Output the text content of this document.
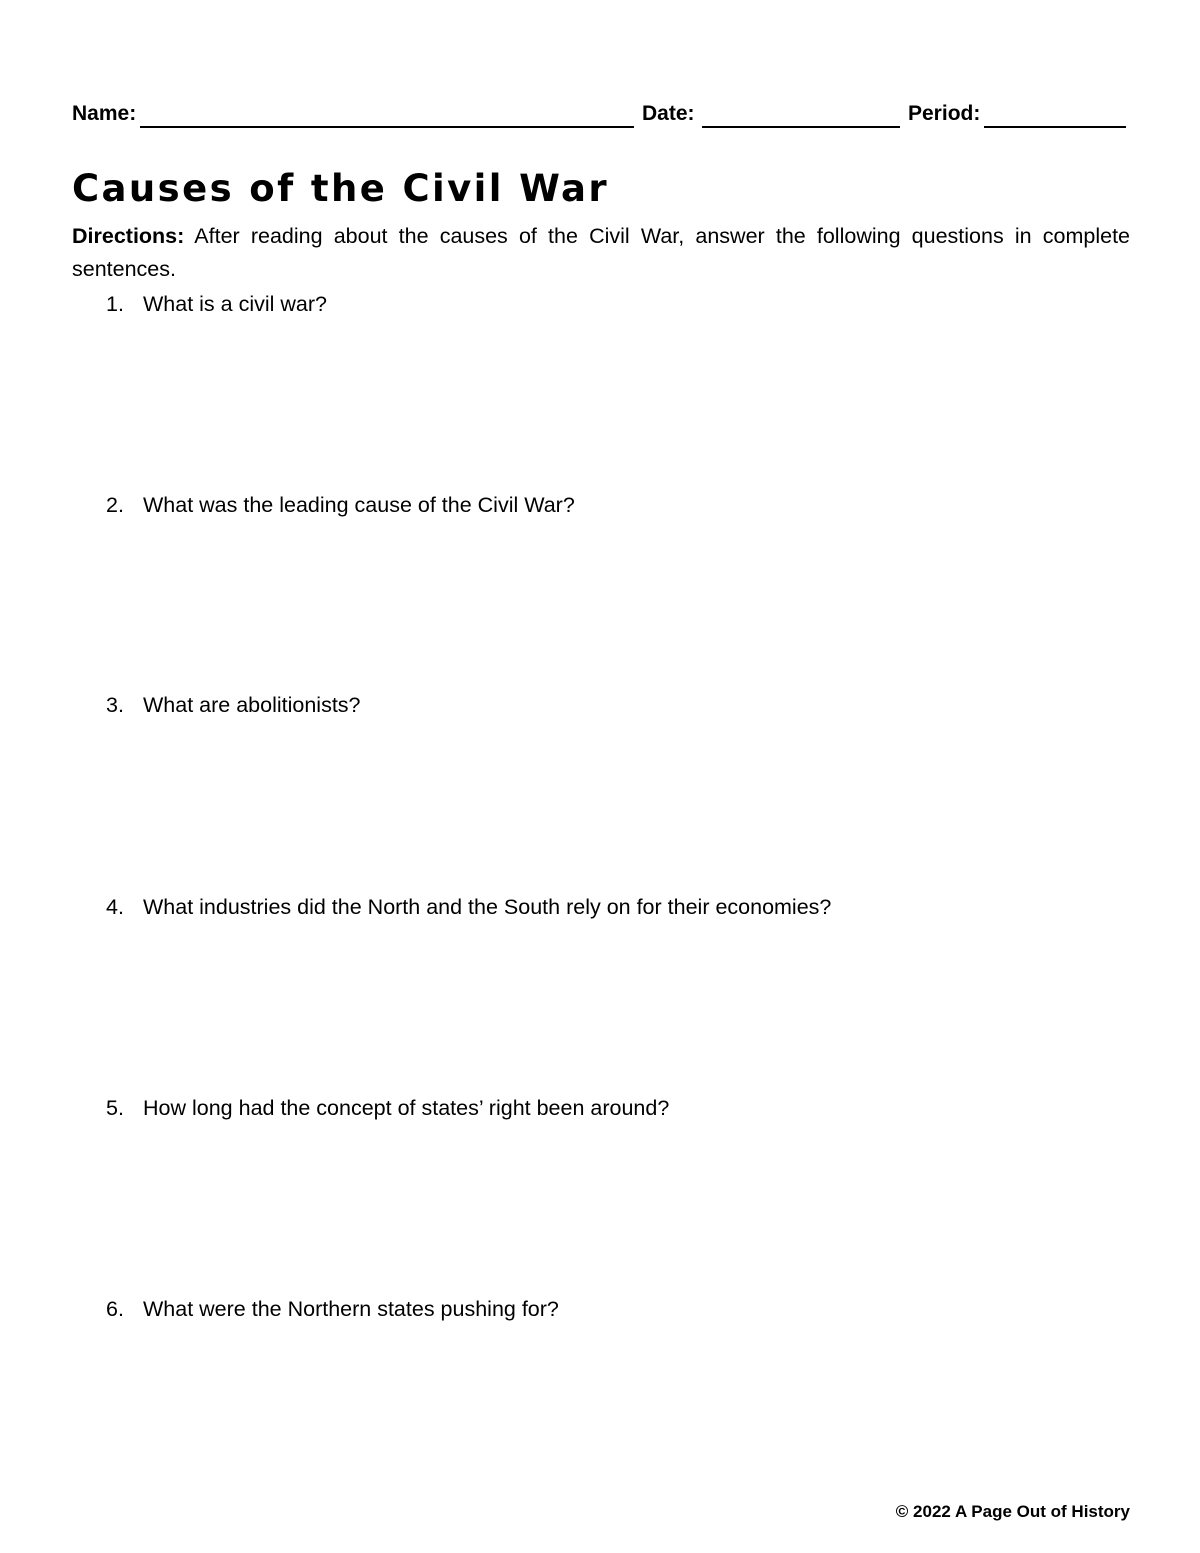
Name:	Date:	Period:
Causes of the Civil War

Directions: After reading about the causes of the Civil War, answer the following questions in complete sentences.

1. What is a civil war?
2. What was the leading cause of the Civil War?
3. What are abolitionists?
4. What industries did the North and the South rely on for their economies?
5. How long had the concept of states’ right been around?
6. What were the Northern states pushing for?
© 2022 A Page Out of History
